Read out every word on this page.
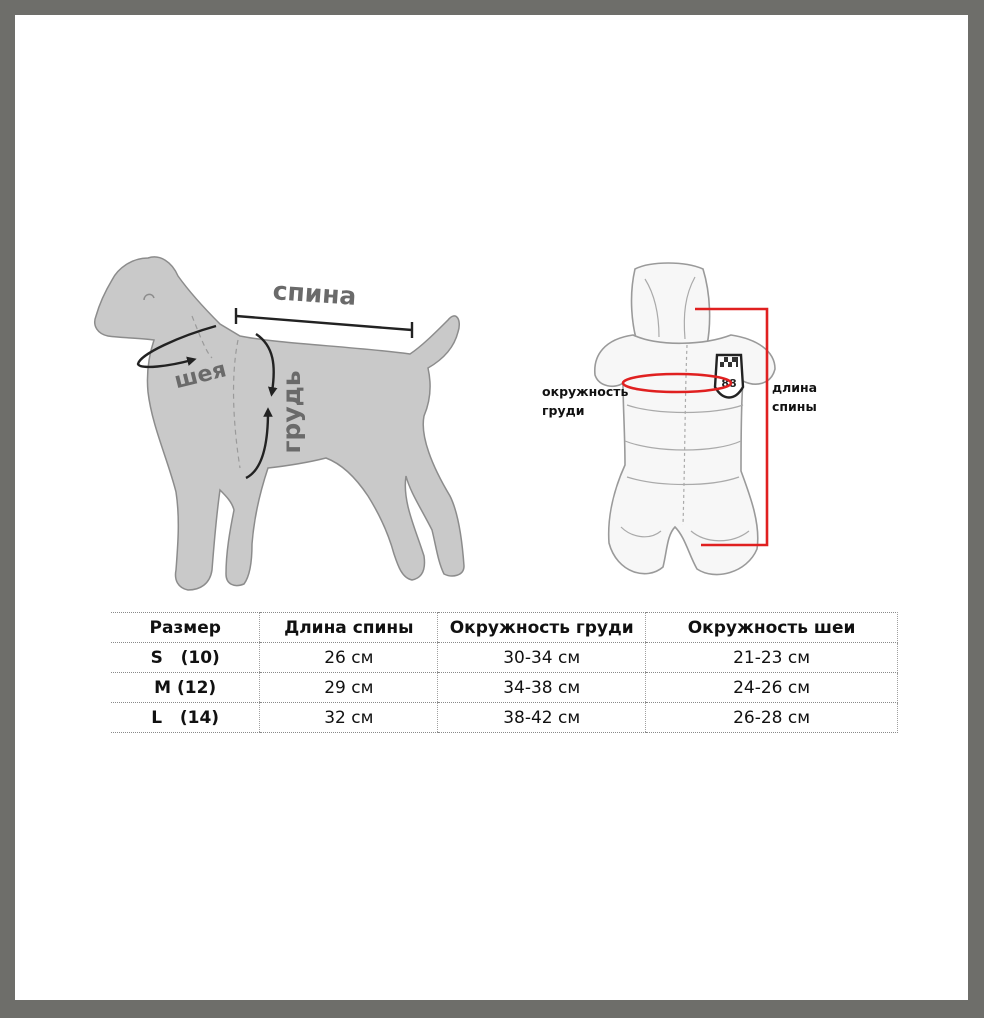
спина
шея грудь	88
окружность
груди
длина
спины
Размер	Длина спины	Окружность груди	Окружность шеи
S   (10)	26 см	30-34 см	21-23 см
M (12)	29 см	34-38 см	24-26 см
L   (14)	32 см	38-42 см	26-28 см
